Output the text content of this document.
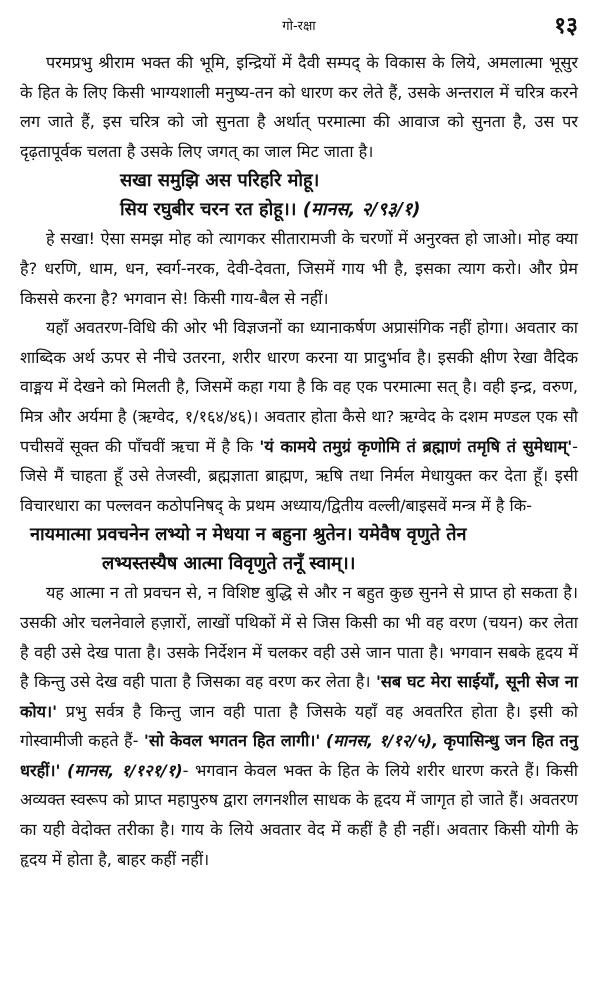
गो-रक्षा	१३

परमप्रभु श्रीराम भक्त की भूमि, इन्द्रियों में दैवी सम्पद् के विकास के लिये, अमलात्मा भूसुर के हित के लिए किसी भाग्यशाली मनुष्य-तन को धारण कर लेते हैं, उसके अन्तराल में चरित्र करने लग जाते हैं, इस चरित्र को जो सुनता है अर्थात् परमात्मा की आवाज को सुनता है, उस पर दृढ़तापूर्वक चलता है उसके लिए जगत् का जाल मिट जाता है।

सखा समुझि अस परिहरि मोहू।
सिय रघुबीर चरन रत होहू।। (मानस, २/९३/१)

हे सखा! ऐसा समझ मोह को त्यागकर सीतारामजी के चरणों में अनुरक्त हो जाओ। मोह क्या है? धरणि, धाम, धन, स्वर्ग-नरक, देवी-देवता, जिसमें गाय भी है, इसका त्याग करो। और प्रेम किससे करना है? भगवान से! किसी गाय-बैल से नहीं।

यहाँ अवतरण-विधि की ओर भी विज्ञजनों का ध्यानाकर्षण अप्रासंगिक नहीं होगा। अवतार का शाब्दिक अर्थ ऊपर से नीचे उतरना, शरीर धारण करना या प्रादुर्भाव है। इसकी क्षीण रेखा वैदिक वाङ्मय में देखने को मिलती है, जिसमें कहा गया है कि वह एक परमात्मा सत् है। वही इन्द्र, वरुण, मित्र और अर्यमा है (ऋग्वेद, १/१६४/४६)। अवतार होता कैसे था? ऋग्वेद के दशम मण्डल एक सौ पचीसवें सूक्त की पाँचवीं ऋचा में है कि 'यं कामये तमुग्रं कृणोमि तं ब्रह्माणं तमृषि तं सुमेधाम्'- जिसे मैं चाहता हूँ उसे तेजस्वी, ब्रह्मज्ञाता ब्राह्मण, ऋषि तथा निर्मल मेधायुक्त कर देता हूँ। इसी विचारधारा का पल्लवन कठोपनिषद् के प्रथम अध्याय/द्वितीय वल्ली/बाइसवें मन्त्र में है कि-

नायमात्मा प्रवचनेन लभ्यो न मेधया न बहुना श्रुतेन। यमेवैष वृणुते तेन
लभ्यस्तस्यैष आत्मा विवृणुते तनूँ स्वाम्।।

यह आत्मा न तो प्रवचन से, न विशिष्ट बुद्धि से और न बहुत कुछ सुनने से प्राप्त हो सकता है। उसकी ओर चलनेवाले हज़ारों, लाखों पथिकों में से जिस किसी का भी वह वरण (चयन) कर लेता है वही उसे देख पाता है। उसके निर्देशन में चलकर वही उसे जान पाता है। भगवान सबके हृदय में है किन्तु उसे देख वही पाता है जिसका वह वरण कर लेता है। 'सब घट मेरा साईयाँ, सूनी सेज ना कोय।' प्रभु सर्वत्र है किन्तु जान वही पाता है जिसके यहाँ वह अवतरित होता है। इसी को गोस्वामीजी कहते हैं- 'सो केवल भगतन हित लागी।' (मानस, १/१२/५), कृपासिन्धु जन हित तनु धरहीं।' (मानस, १/१२१/१)- भगवान केवल भक्त के हित के लिये शरीर धारण करते हैं। किसी अव्यक्त स्वरूप को प्राप्त महापुरुष द्वारा लगनशील साधक के हृदय में जागृत हो जाते हैं। अवतरण का यही वेदोक्त तरीका है। गाय के लिये अवतार वेद में कहीं है ही नहीं। अवतार किसी योगी के हृदय में होता है, बाहर कहीं नहीं।
